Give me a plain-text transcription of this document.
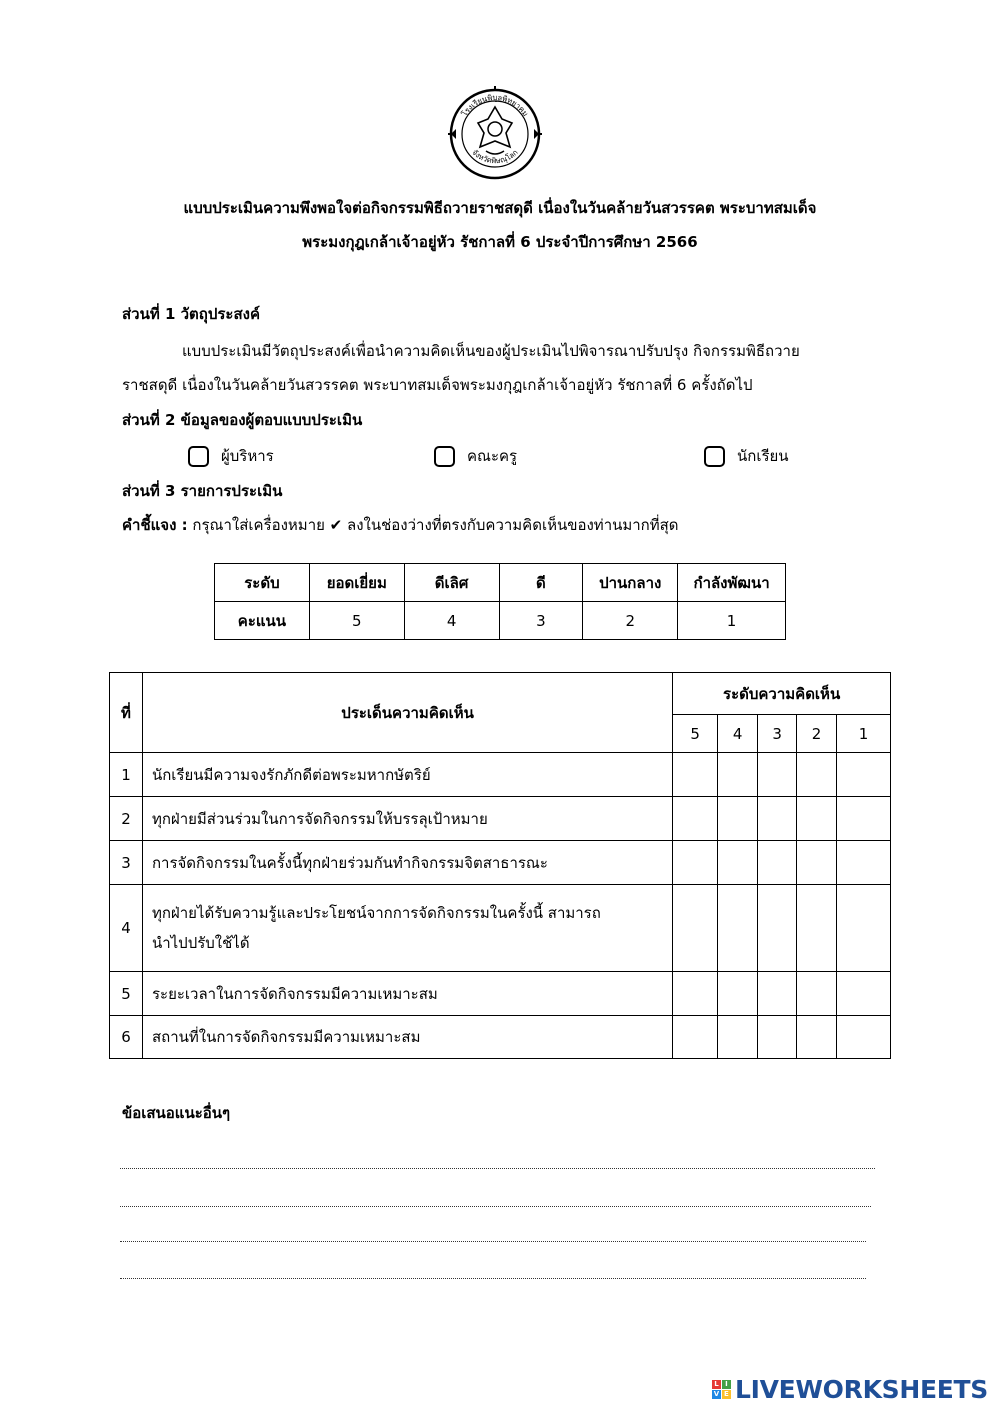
โรงเรียนพิบูลพิทยาคม
จังหวัดพิษณุโลก
แบบประเมินความพึงพอใจต่อกิจกรรมพิธีถวายราชสดุดี เนื่องในวันคล้ายวันสวรรคต พระบาทสมเด็จ
พระมงกุฎเกล้าเจ้าอยู่หัว รัชกาลที่ 6 ประจำปีการศึกษา 2566
ส่วนที่ 1 วัตถุประสงค์
แบบประเมินมีวัตถุประสงค์เพื่อนำความคิดเห็นของผู้ประเมินไปพิจารณาปรับปรุง กิจกรรมพิธีถวาย
ราชสดุดี เนื่องในวันคล้ายวันสวรรคต พระบาทสมเด็จพระมงกุฎเกล้าเจ้าอยู่หัว รัชกาลที่ 6 ครั้งถัดไป
ส่วนที่ 2 ข้อมูลของผู้ตอบแบบประเมิน
ผู้บริหาร	คณะครู	นักเรียน
ส่วนที่ 3 รายการประเมิน
คำชี้แจง : กรุณาใส่เครื่องหมาย ✔ ลงในช่องว่างที่ตรงกับความคิดเห็นของท่านมากที่สุด
ระดับ	ยอดเยี่ยม	ดีเลิศ	ดี	ปานกลาง	กำลังพัฒนา
คะแนน	5	4	3	2	1
ที่	ประเด็นความคิดเห็น	ระดับความคิดเห็น				
		5	4	3	2	1
1	นักเรียนมีความจงรักภักดีต่อพระมหากษัตริย์					
2	ทุกฝ่ายมีส่วนร่วมในการจัดกิจกรรมให้บรรลุเป้าหมาย					
3	การจัดกิจกรรมในครั้งนี้ทุกฝ่ายร่วมกันทำกิจกรรมจิตสาธารณะ					
4	ทุกฝ่ายได้รับความรู้และประโยชน์จากการจัดกิจกรรมในครั้งนี้ สามารถ
นำไปปรับใช้ได้					

5	ระยะเวลาในการจัดกิจกรรมมีความเหมาะสม					
6	สถานที่ในการจัดกิจกรรมมีความเหมาะสม					
ข้อเสนอแนะอื่นๆ
L I
V E LIVEWORKSHEETS
